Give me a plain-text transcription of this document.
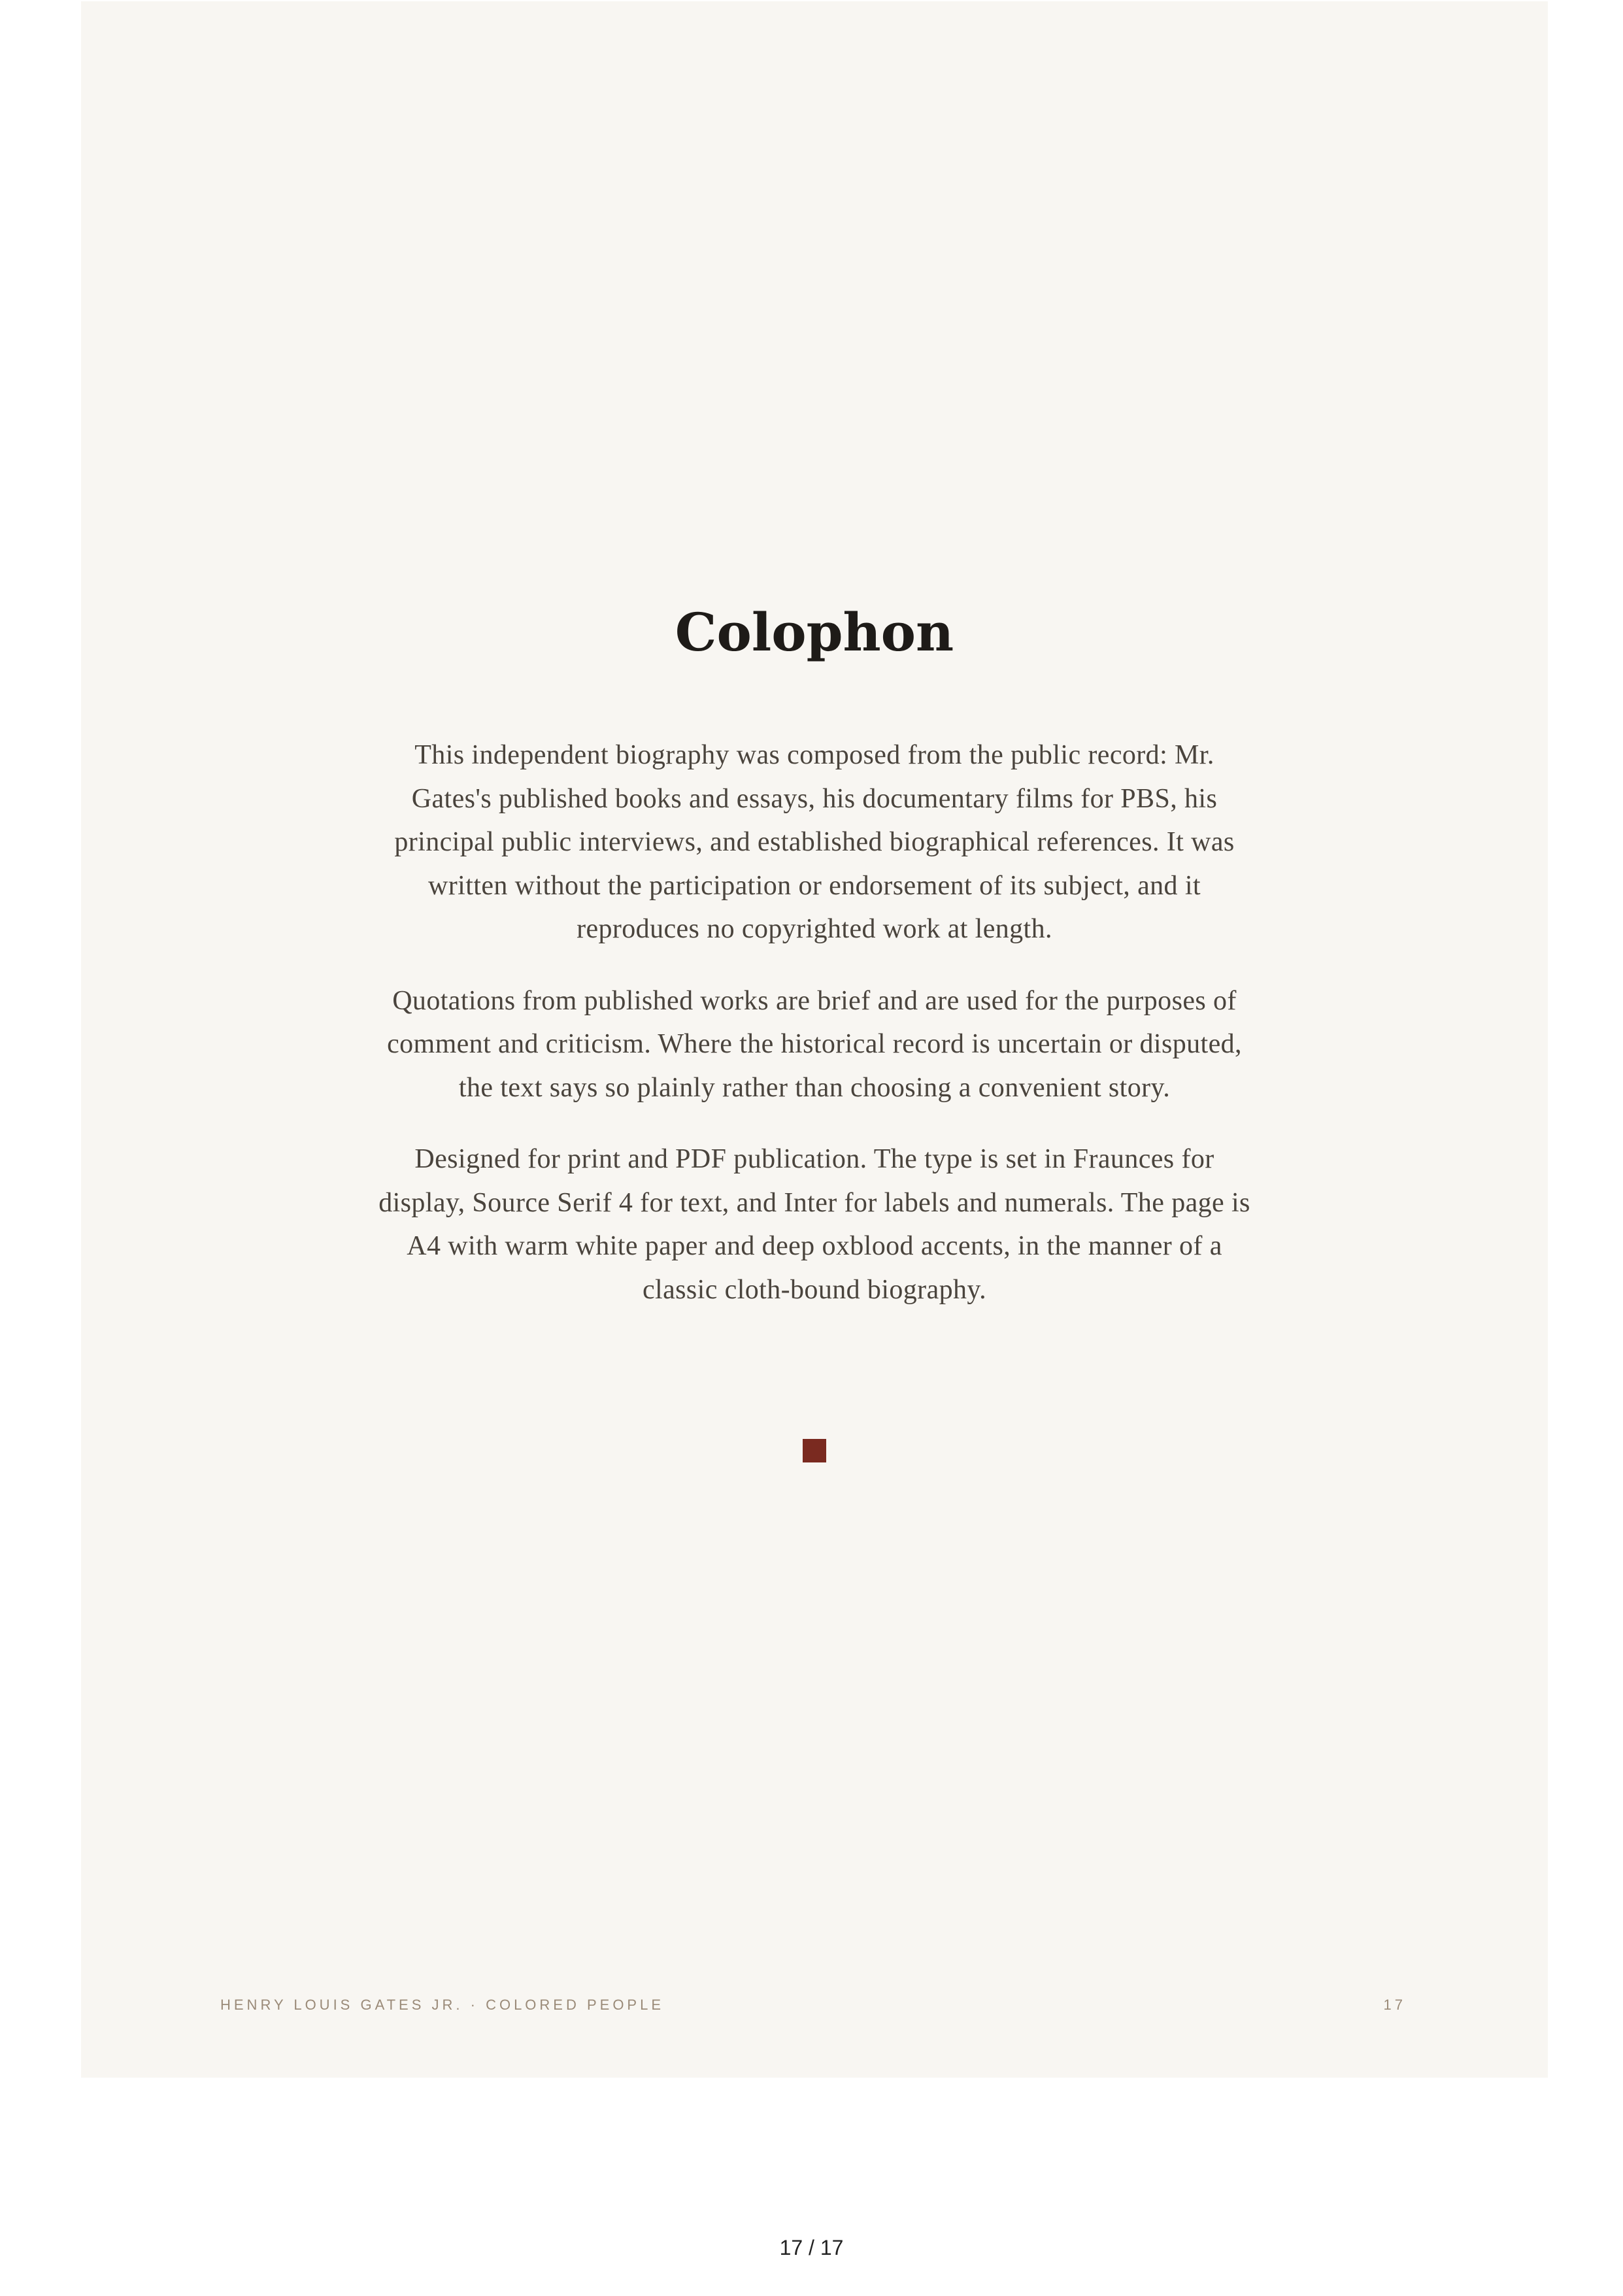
Colophon

This independent biography was composed from the public record: Mr. Gates's published books and essays, his documentary films for PBS, his principal public interviews, and established biographical references. It was written without the participation or endorsement of its subject, and it reproduces no copyrighted work at length.

Quotations from published works are brief and are used for the purposes of comment and criticism. Where the historical record is uncertain or disputed, the text says so plainly rather than choosing a convenient story.

Designed for print and PDF publication. The type is set in Fraunces for display, Source Serif 4 for text, and Inter for labels and numerals. The page is A4 with warm white paper and deep oxblood accents, in the manner of a classic cloth-bound biography.

HENRY LOUIS GATES JR. · COLORED PEOPLE	17
17 / 17
